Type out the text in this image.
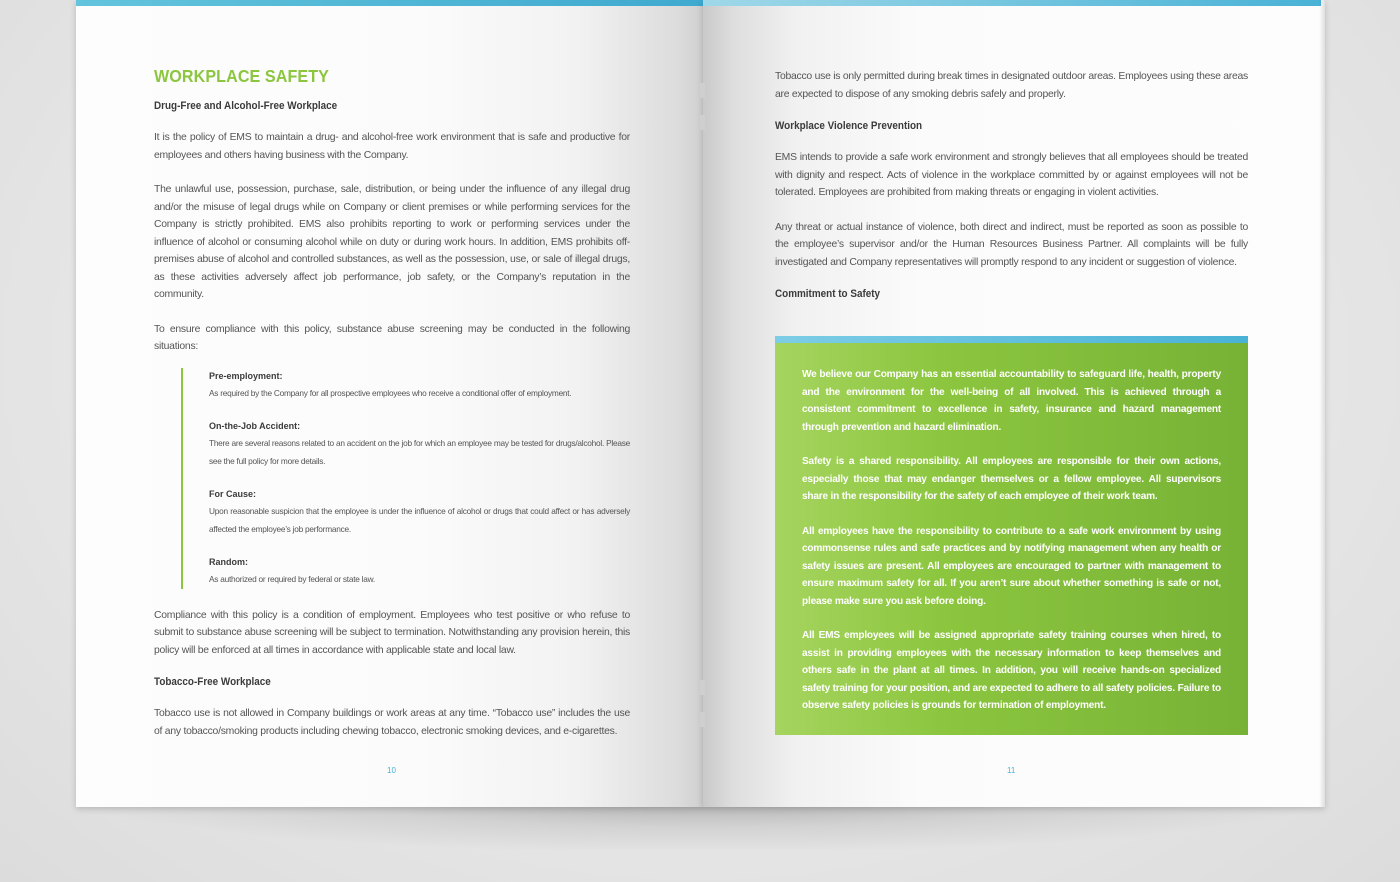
WORKPLACE SAFETY
Drug-Free and Alcohol-Free Workplace

It is the policy of EMS to maintain a drug- and alcohol-free work environment that is safe and productive for employees and others having business with the Company.

The unlawful use, possession, purchase, sale, distribution, or being under the influence of any illegal drug and/or the misuse of legal drugs while on Company or client premises or while performing services for the Company is strictly prohibited. EMS also prohibits reporting to work or performing services under the influence of alcohol or consuming alcohol while on duty or during work hours. In addition, EMS prohibits off-premises abuse of alcohol and controlled substances, as well as the possession, use, or sale of illegal drugs, as these activities adversely affect job performance, job safety, or the Company’s reputation in the community.

To ensure compliance with this policy, substance abuse screening may be conducted in the following situations:

Pre-employment:
As required by the Company for all prospective employees who receive a conditional offer of employment.
On-the-Job Accident:
There are several reasons related to an accident on the job for which an employee may be tested for drugs/alcohol. Please see the full policy for more details.
For Cause:
Upon reasonable suspicion that the employee is under the influence of alcohol or drugs that could affect or has adversely affected the employee’s job performance.
Random:
As authorized or required by federal or state law.

Compliance with this policy is a condition of employment. Employees who test positive or who refuse to submit to substance abuse screening will be subject to termination. Notwithstanding any provision herein, this policy will be enforced at all times in accordance with applicable state and local law.

Tobacco-Free Workplace

Tobacco use is not allowed in Company buildings or work areas at any time. “Tobacco use” includes the use of any tobacco/smoking products including chewing tobacco, electronic smoking devices, and e-cigarettes.

10

Tobacco use is only permitted during break times in designated outdoor areas. Employees using these areas are expected to dispose of any smoking debris safely and properly.

Workplace Violence Prevention

EMS intends to provide a safe work environment and strongly believes that all employees should be treated with dignity and respect. Acts of violence in the workplace committed by or against employees will not be tolerated. Employees are prohibited from making threats or engaging in violent activities.

Any threat or actual instance of violence, both direct and indirect, must be reported as soon as possible to the employee’s supervisor and/or the Human Resources Business Partner. All complaints will be fully investigated and Company representatives will promptly respond to any incident or suggestion of violence.

Commitment to Safety

We believe our Company has an essential accountability to safeguard life, health, property and the environment for the well-being of all involved. This is achieved through a consistent commitment to excellence in safety, insurance and hazard management through prevention and hazard elimination.

Safety is a shared responsibility. All employees are responsible for their own actions, especially those that may endanger themselves or a fellow employee. All supervisors share in the responsibility for the safety of each employee of their work team.

All employees have the responsibility to contribute to a safe work environment by using commonsense rules and safe practices and by notifying management when any health or safety issues are present. All employees are encouraged to partner with management to ensure maximum safety for all. If you aren’t sure about whether something is safe or not, please make sure you ask before doing.

All EMS employees will be assigned appropriate safety training courses when hired, to assist in providing employees with the necessary information to keep themselves and others safe in the plant at all times. In addition, you will receive hands-on specialized safety training for your position, and are expected to adhere to all safety policies. Failure to observe safety policies is grounds for termination of employment.

11
